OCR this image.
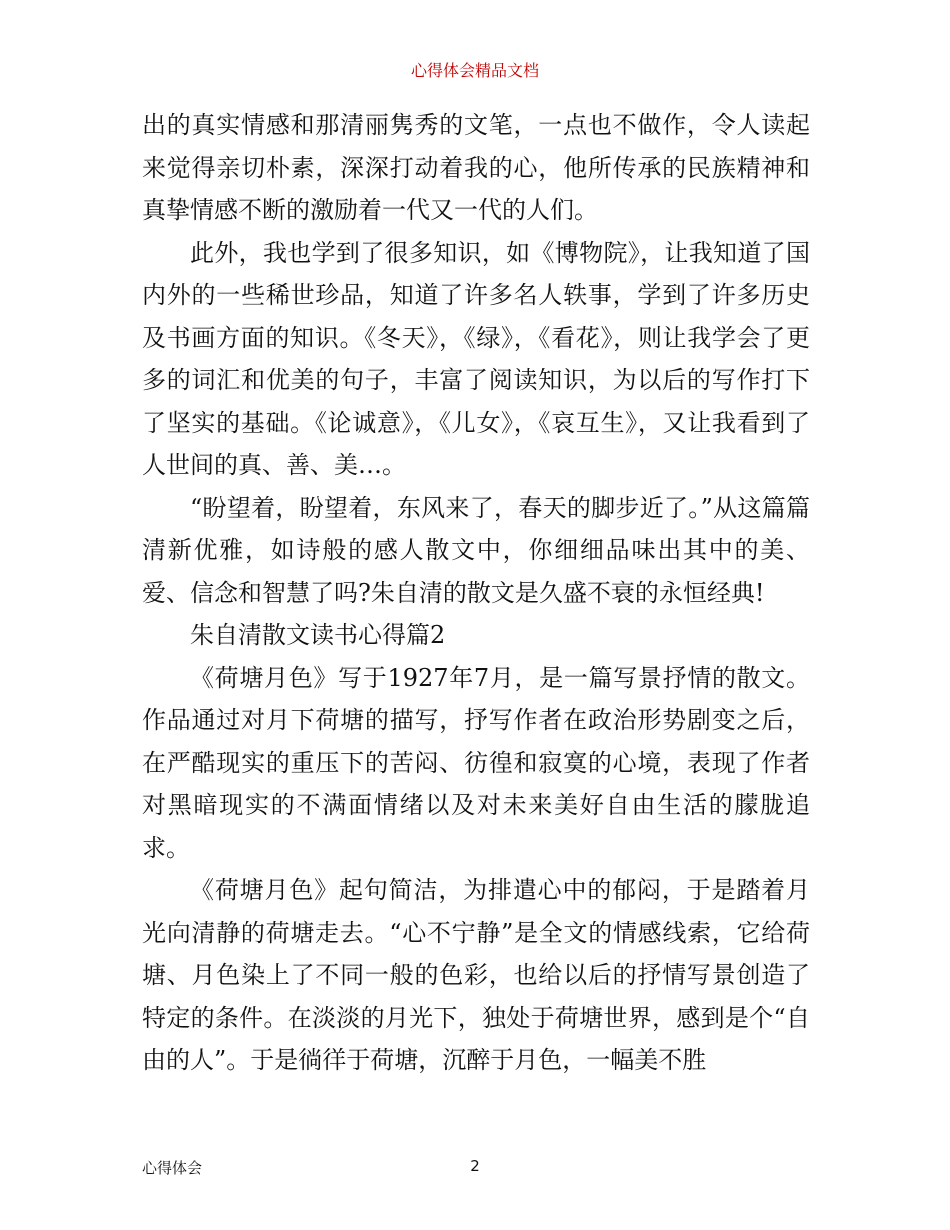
心得体会精品文档

出的真实情感和那清丽隽秀的文笔，一点也不做作，令人读起来觉得亲切朴素，深深打动着我的心，他所传承的民族精神和真挚情感不断的激励着一代又一代的人们。

此外，我也学到了很多知识，如《博物院》，让我知道了国内外的一些稀世珍品，知道了许多名人轶事，学到了许多历史及书画方面的知识。《冬天》，《绿》，《看花》，则让我学会了更多的词汇和优美的句子，丰富了阅读知识，为以后的写作打下了坚实的基础。《论诚意》，《儿女》，《哀互生》，又让我看到了人世间的真、善、美…。

“盼望着，盼望着，东风来了，春天的脚步近了。”从这篇篇清新优雅，如诗般的感人散文中，你细细品味出其中的美、爱、信念和智慧了吗?朱自清的散文是久盛不衰的永恒经典!

朱自清散文读书心得篇2

《荷塘月色》写于1927年7月，是一篇写景抒情的散文。作品通过对月下荷塘的描写，抒写作者在政治形势剧变之后，在严酷现实的重压下的苦闷、彷徨和寂寞的心境，表现了作者对黑暗现实的不满面情绪以及对未来美好自由生活的朦胧追求。

《荷塘月色》起句简洁，为排遣心中的郁闷，于是踏着月光向清静的荷塘走去。“心不宁静”是全文的情感线索，它给荷塘、月色染上了不同一般的色彩，也给以后的抒情写景创造了特定的条件。在淡淡的月光下，独处于荷塘世界，感到是个“自由的人”。于是徜徉于荷塘，沉醉于月色，一幅美不胜

心得体会	2
